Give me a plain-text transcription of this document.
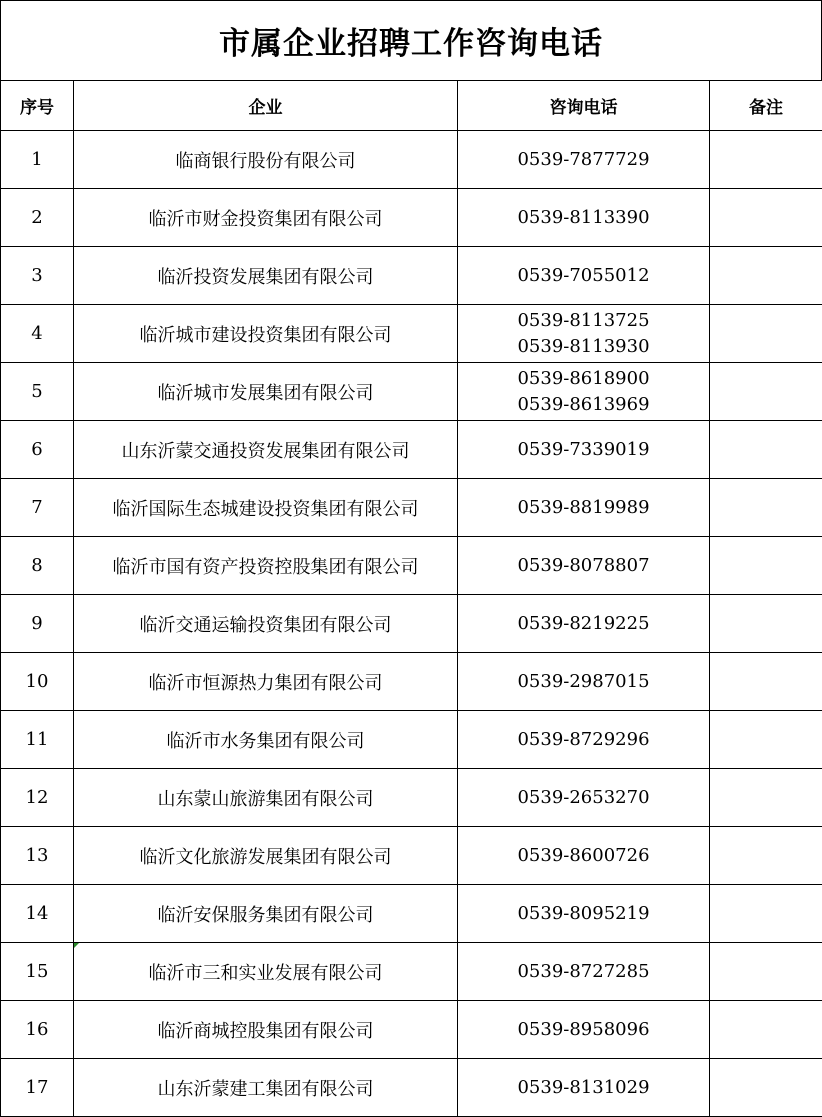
市属企业招聘工作咨询电话
序号	企业	咨询电话	备注
1	临商银行股份有限公司	0539-7877729	

2	临沂市财金投资集团有限公司	0539-8113390	

3	临沂投资发展集团有限公司	0539-7055012	

4	临沂城市建设投资集团有限公司	0539-8113725
0539-8113930	

5	临沂城市发展集团有限公司	0539-8618900
0539-8613969	

6	山东沂蒙交通投资发展集团有限公司	0539-7339019	

7	临沂国际生态城建设投资集团有限公司	0539-8819989	

8	临沂市国有资产投资控股集团有限公司	0539-8078807	

9	临沂交通运输投资集团有限公司	0539-8219225	

10	临沂市恒源热力集团有限公司	0539-2987015	

11	临沂市水务集团有限公司	0539-8729296	

12	山东蒙山旅游集团有限公司	0539-2653270	

13	临沂文化旅游发展集团有限公司	0539-8600726	

14	临沂安保服务集团有限公司	0539-8095219	

15	临沂市三和实业发展有限公司	0539-8727285	

16	临沂商城控股集团有限公司	0539-8958096	

17	山东沂蒙建工集团有限公司	0539-8131029	
